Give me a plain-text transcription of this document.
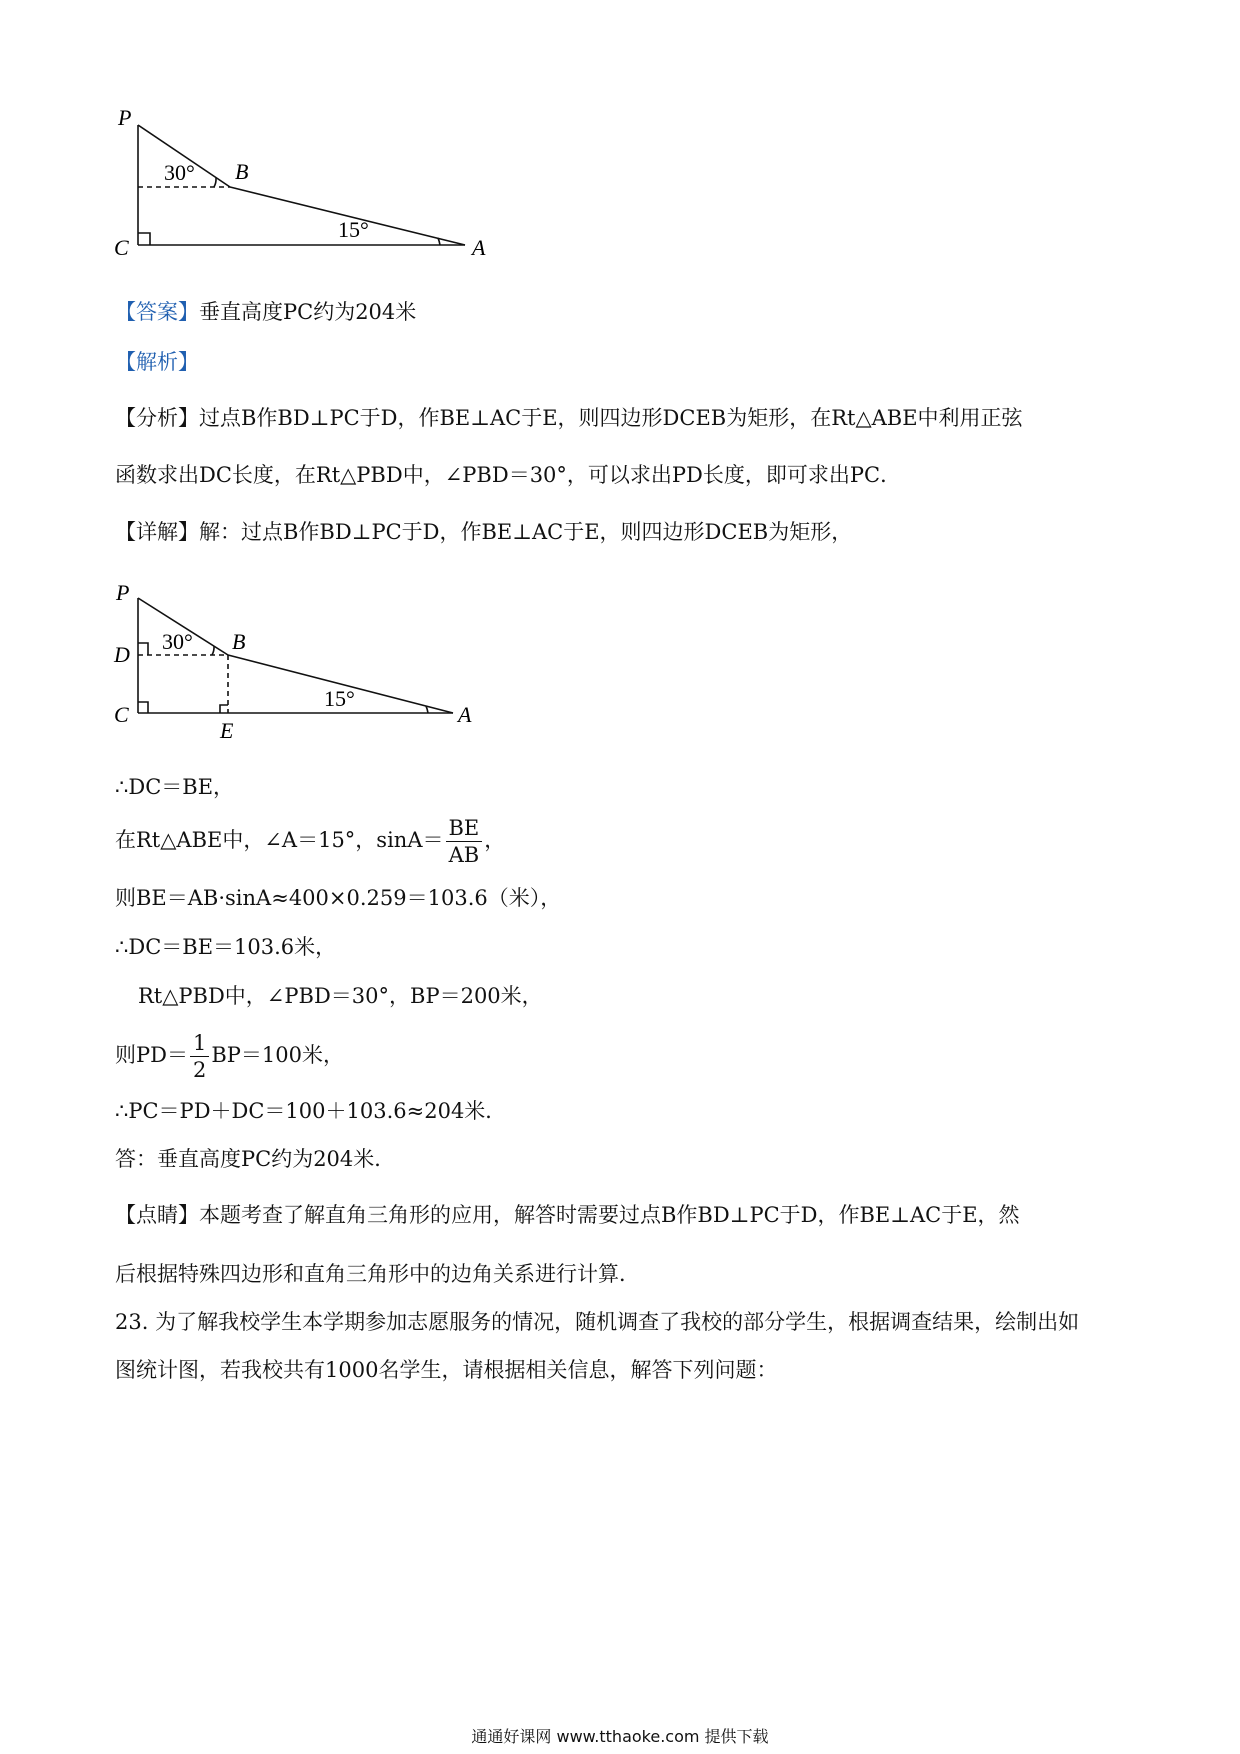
P
B
C	A
30°
15°
【答案】垂直高度PC约为204米
【解析】
【分析】过点B作BD⊥PC于D，作BE⊥AC于E，则四边形DCEB为矩形，在Rt△ABE中利用正弦
函数求出DC长度，在Rt△PBD中，∠PBD＝30°，可以求出PD长度，即可求出PC．
【详解】解：过点B作BD⊥PC于D，作BE⊥AC于E，则四边形DCEB为矩形，
P
D
B
C
E
A
30°
15°
∴DC＝BE，
在Rt△ABE中，∠A＝15°，$\sin A= \frac{BE}{AB}$ ，
则BE＝AB·sinA≈400×0.259＝103.6（米），
∴DC＝BE＝103.6米，
Rt△PBD中，∠PBD＝30°，BP＝200米，
则$PD= \frac{1}{2} BP=100$米，
∴PC＝PD＋DC＝100＋103.6≈204米．
答：垂直高度PC约为204米．
【点睛】本题考查了解直角三角形的应用，解答时需要过点B作BD⊥PC于D，作BE⊥AC于E，然
后根据特殊四边形和直角三角形中的边角关系进行计算．
23. 为了解我校学生本学期参加志愿服务的情况，随机调查了我校的部分学生，根据调查结果，绘制出如
图统计图，若我校共有1000名学生，请根据相关信息，解答下列问题：
通通好课网 www.tthaoke.com 提供下载
